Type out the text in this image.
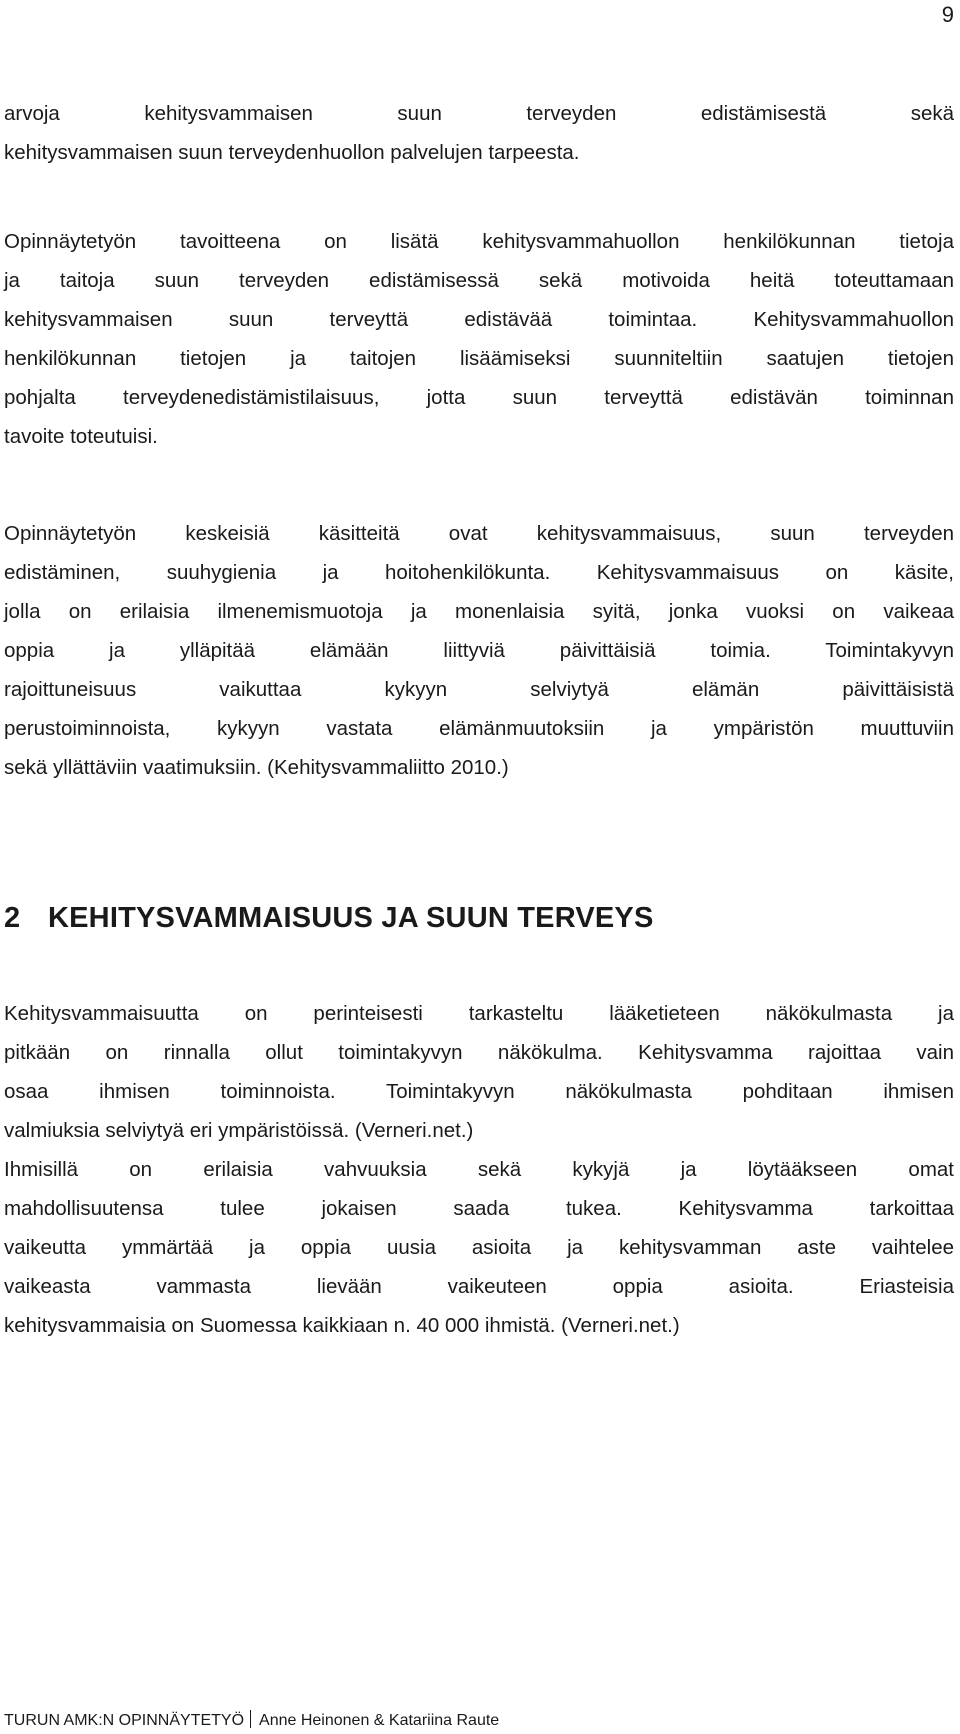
9
arvoja kehitysvammaisen suun terveyden edistämisestä sekä
kehitysvammaisen suun terveydenhuollon palvelujen tarpeesta.
Opinnäytetyön tavoitteena on lisätä kehitysvammahuollon henkilökunnan tietoja
ja taitoja suun terveyden edistämisessä sekä motivoida heitä toteuttamaan
kehitysvammaisen suun terveyttä edistävää toimintaa. Kehitysvammahuollon
henkilökunnan tietojen ja taitojen lisäämiseksi suunniteltiin saatujen tietojen
pohjalta terveydenedistämistilaisuus, jotta suun terveyttä edistävän toiminnan
tavoite toteutuisi.
Opinnäytetyön keskeisiä käsitteitä ovat kehitysvammaisuus, suun terveyden
edistäminen, suuhygienia ja hoitohenkilökunta. Kehitysvammaisuus on käsite,
jolla on erilaisia ilmenemismuotoja ja monenlaisia syitä, jonka vuoksi on vaikeaa
oppia ja ylläpitää elämään liittyviä päivittäisiä toimia. Toimintakyvyn
rajoittuneisuus vaikuttaa kykyyn selviytyä elämän päivittäisistä
perustoiminnoista, kykyyn vastata elämänmuutoksiin ja ympäristön muuttuviin
sekä yllättäviin vaatimuksiin. (Kehitysvammaliitto 2010.)
2 KEHITYSVAMMAISUUS JA SUUN TERVEYS
Kehitysvammaisuutta on perinteisesti tarkasteltu lääketieteen näkökulmasta ja
pitkään on rinnalla ollut toimintakyvyn näkökulma. Kehitysvamma rajoittaa vain
osaa ihmisen toiminnoista. Toimintakyvyn näkökulmasta pohditaan ihmisen
valmiuksia selviytyä eri ympäristöissä. (Verneri.net.)
Ihmisillä on erilaisia vahvuuksia sekä kykyjä ja löytääkseen omat
mahdollisuutensa tulee jokaisen saada tukea. Kehitysvamma tarkoittaa
vaikeutta ymmärtää ja oppia uusia asioita ja kehitysvamman aste vaihtelee
vaikeasta vammasta lievään vaikeuteen oppia asioita. Eriasteisia
kehitysvammaisia on Suomessa kaikkiaan n. 40 000 ihmistä. (Verneri.net.)
TURUN AMK:N OPINNÄYTETYÖ Anne Heinonen & Katariina Raute
